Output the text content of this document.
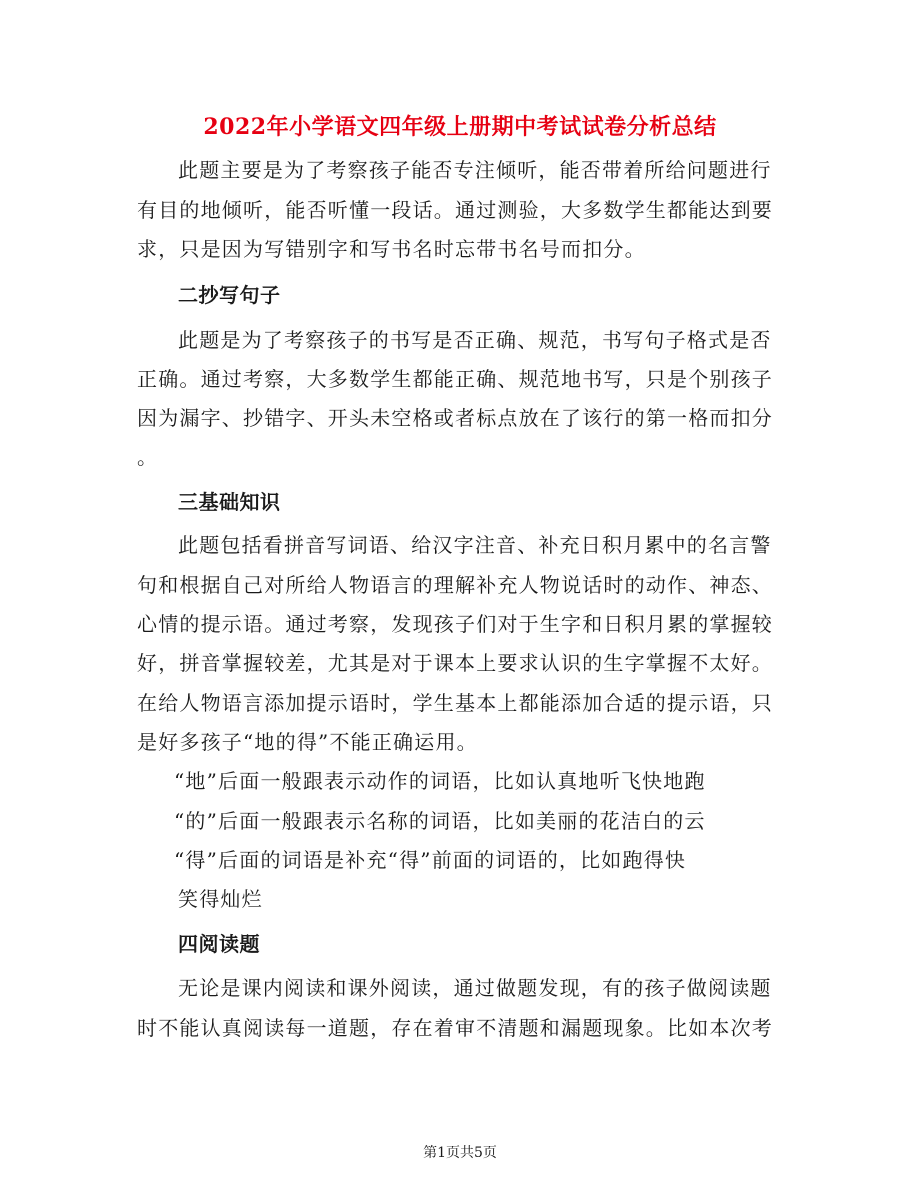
2022年小学语文四年级上册期中考试试卷分析总结
此题主要是为了考察孩子能否专注倾听，能否带着所给问题进行
有目的地倾听，能否听懂一段话。通过测验，大多数学生都能达到要
求，只是因为写错别字和写书名时忘带书名号而扣分。
二抄写句子
此题是为了考察孩子的书写是否正确、规范，书写句子格式是否
正确。通过考察，大多数学生都能正确、规范地书写，只是个别孩子
因为漏字、抄错字、开头未空格或者标点放在了该行的第一格而扣分
。
三基础知识
此题包括看拼音写词语、给汉字注音、补充日积月累中的名言警
句和根据自己对所给人物语言的理解补充人物说话时的动作、神态、
心情的提示语。通过考察，发现孩子们对于生字和日积月累的掌握较
好，拼音掌握较差，尤其是对于课本上要求认识的生字掌握不太好。
在给人物语言添加提示语时，学生基本上都能添加合适的提示语，只
是好多孩子“地的得”不能正确运用。
“地”后面一般跟表示动作的词语，比如认真地听飞快地跑
“的”后面一般跟表示名称的词语，比如美丽的花洁白的云
“得”后面的词语是补充“得”前面的词语的，比如跑得快
笑得灿烂
四阅读题
无论是课内阅读和课外阅读，通过做题发现，有的孩子做阅读题
时不能认真阅读每一道题，存在着审不清题和漏题现象。比如本次考
第1页共5页
